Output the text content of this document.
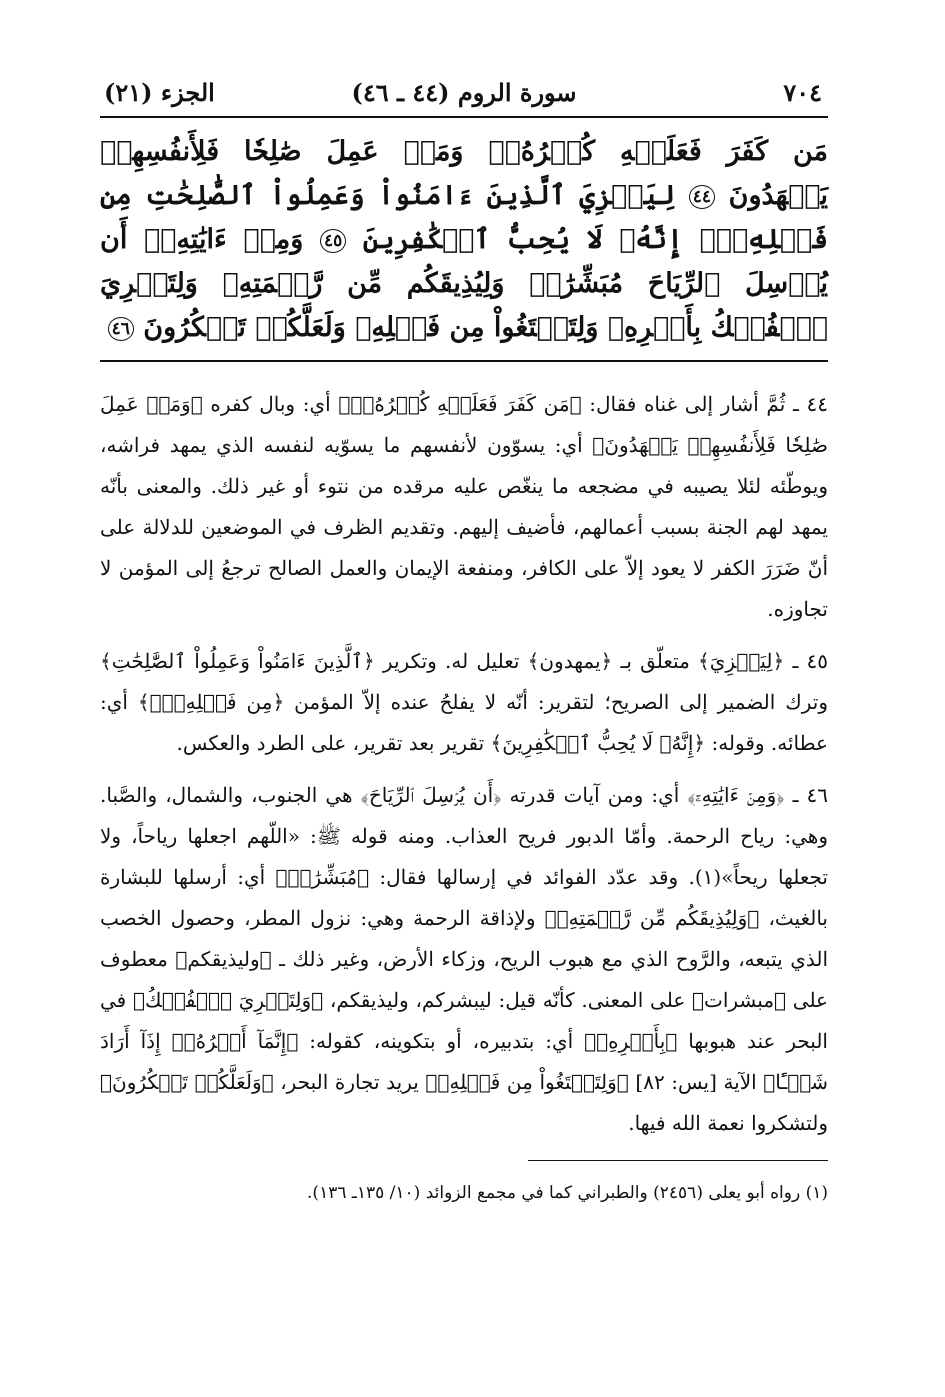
٧٠٤
سورة الروم (٤٤ ـ ٤٦)
الجزء (٢١)
مَن كَفَرَ فَعَلَيۡهِ كُفۡرُهُۥۖ وَمَنۡ عَمِلَ صَٰلِحٗا فَلِأَنفُسِهِمۡ يَمۡهَدُونَ ٤٤ لِيَجۡزِيَ ٱلَّذِينَ ءَامَنُواْ وَعَمِلُواْ ٱلصَّٰلِحَٰتِ مِن فَضۡلِهِۦٓۚ إِنَّهُۥ لَا يُحِبُّ ٱلۡكَٰفِرِينَ ٤٥ وَمِنۡ ءَايَٰتِهِۦٓ أَن يُرۡسِلَ ٱلرِّيَاحَ مُبَشِّرَٰتٖ وَلِيُذِيقَكُم مِّن رَّحۡمَتِهِۦ وَلِتَجۡرِيَ ٱلۡفُلۡكُ بِأَمۡرِهِۦ وَلِتَبۡتَغُواْ مِن فَضۡلِهِۦ وَلَعَلَّكُمۡ تَشۡكُرُونَ ٤٦

٤٤ ـ ثُمَّ أشار إلى غناه فقال: ﴿مَن كَفَرَ فَعَلَيۡهِ كُفۡرُهُۥۖ﴾ أي: وبال كفره ﴿وَمَنۡ عَمِلَ صَٰلِحٗا فَلِأَنفُسِهِمۡ يَمۡهَدُونَ﴾ أي: يسوّون لأنفسهم ما يسوّيه لنفسه الذي يمهد فراشه، ويوطّئه لئلا يصيبه في مضجعه ما ينغّص عليه مرقده من نتوء أو غير ذلك. والمعنى بأنّه يمهد لهم الجنة بسبب أعمالهم، فأضيف إليهم. وتقديم الظرف في الموضعين للدلالة على أنّ ضَرَرَ الكفر لا يعود إلاّ على الكافر، ومنفعة الإيمان والعمل الصالح ترجعُ إلى المؤمن لا تجاوزه.

٤٥ ـ ﴿لِيَجۡزِيَ﴾ متعلّق بـ ﴿يمهدون﴾ تعليل له. وتكرير ﴿ٱلَّذِينَ ءَامَنُواْ وَعَمِلُواْ ٱلصَّٰلِحَٰتِ﴾ وترك الضمير إلى الصريح؛ لتقرير: أنّه لا يفلحُ عنده إلاّ المؤمن ﴿مِن فَضۡلِهِۦٓۚ﴾ أي: عطائه. وقوله: ﴿إِنَّهُۥ لَا يُحِبُّ ٱلۡكَٰفِرِينَ﴾ تقرير بعد تقرير، على الطرد والعكس.

٤٦ ـ ﴿وَمِنۡ ءَايَٰتِهِۦٓ﴾ أي: ومن آيات قدرته ﴿أَن يُرۡسِلَ ٱلرِّيَاحَ﴾ هي الجنوب، والشمال، والصَّبا. وهي: رياح الرحمة. وأمّا الدبور فريح العذاب. ومنه قوله ﷺ: «اللّهم اجعلها رياحاً، ولا تجعلها ريحاً»(١). وقد عدّد الفوائد في إرسالها فقال: ﴿مُبَشِّرَٰتٖ﴾ أي: أرسلها للبشارة بالغيث، ﴿وَلِيُذِيقَكُم مِّن رَّحۡمَتِهِۦ﴾ ولإذاقة الرحمة وهي: نزول المطر، وحصول الخصب الذي يتبعه، والرَّوح الذي مع هبوب الريح، وزكاء الأرض، وغير ذلك ـ ﴿وليذيقكم﴾ معطوف على ﴿مبشرات﴾ على المعنى. كأنّه قيل: ليبشركم، وليذيقكم، ﴿وَلِتَجۡرِيَ ٱلۡفُلۡكُ﴾ في البحر عند هبوبها ﴿بِأَمۡرِهِۦ﴾ أي: بتدبيره، أو بتكوينه، كقوله: ﴿إِنَّمَآ أَمۡرُهُۥٓ إِذَآ أَرَادَ شَيۡـًٔا﴾ الآية [يس: ٨٢] ﴿وَلِتَبۡتَغُواْ مِن فَضۡلِهِۦ﴾ يريد تجارة البحر، ﴿وَلَعَلَّكُمۡ تَشۡكُرُونَ﴾ ولتشكروا نعمة الله فيها.

(١) رواه أبو يعلى (٢٤٥٦) والطبراني كما في مجمع الزوائد (١٠/ ١٣٥ـ ١٣٦).
